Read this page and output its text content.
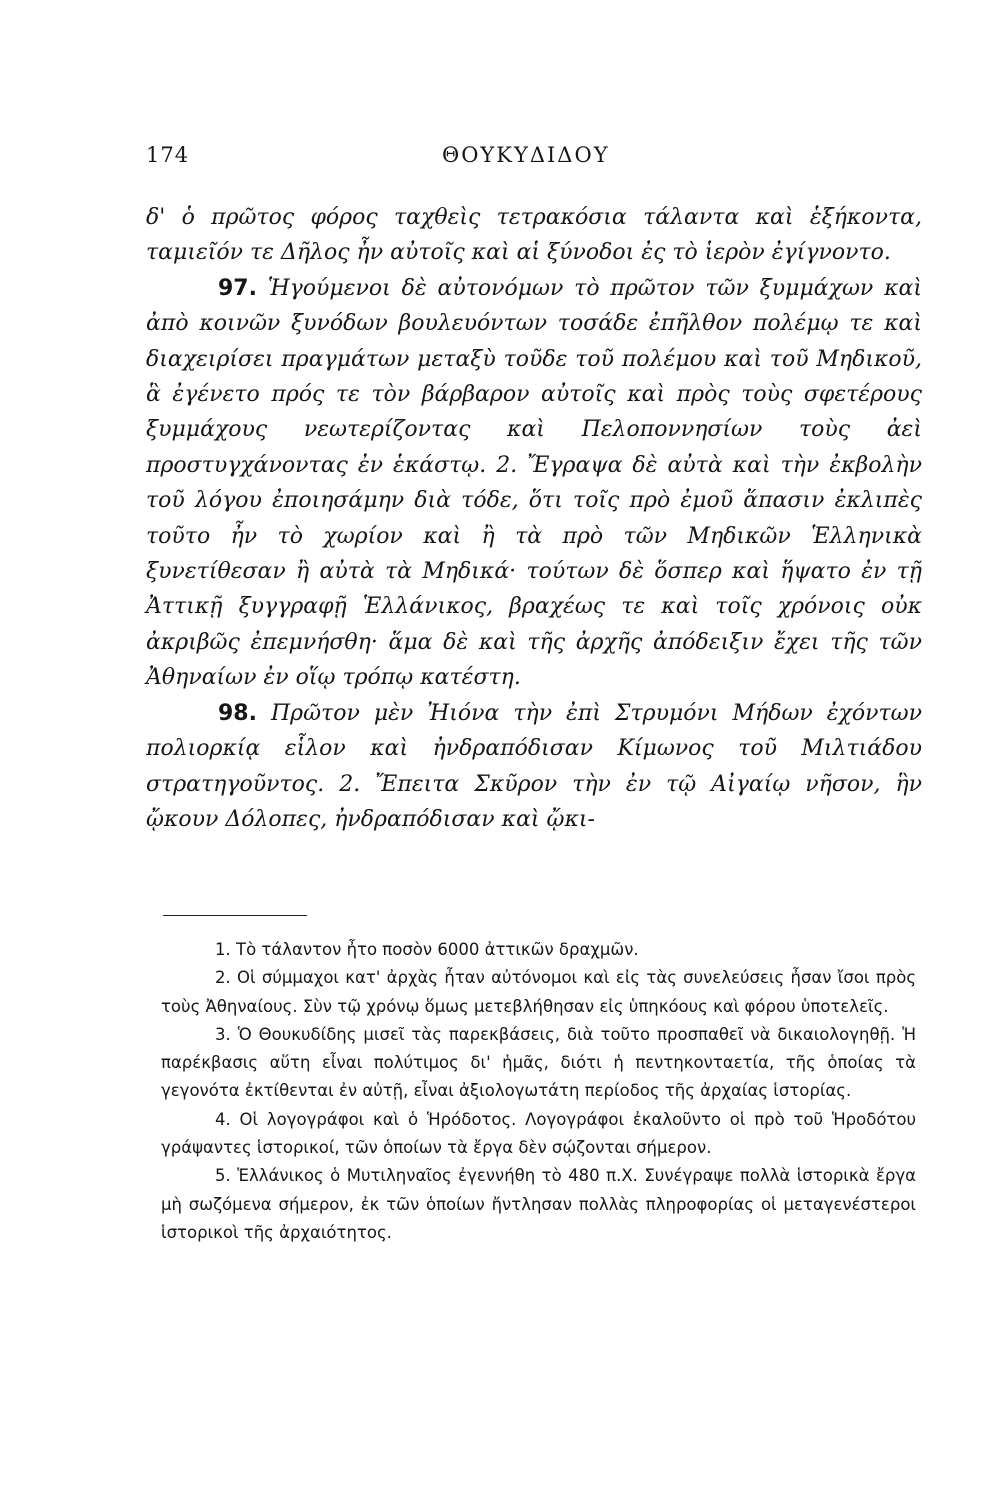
174	ΘΟΥΚΥΔΙΔΟΥ

δ' ὁ πρῶτος φόρος ταχθεὶς τετρακόσια τάλαντα καὶ ἑξήκοντα, ταμιεῖόν τε Δῆλος ἦν αὐτοῖς καὶ αἱ ξύνοδοι ἐς τὸ ἱερὸν ἐγίγνοντο.

97. Ἡγούμενοι δὲ αὐτονόμων τὸ πρῶτον τῶν ξυμμάχων καὶ ἀπὸ κοινῶν ξυνόδων βουλευόντων τοσάδε ἐπῆλθον πολέμῳ τε καὶ διαχειρίσει πραγμάτων μεταξὺ τοῦδε τοῦ πολέμου καὶ τοῦ Μηδικοῦ, ἃ ἐγένετο πρός τε τὸν βάρβαρον αὐτοῖς καὶ πρὸς τοὺς σφετέρους ξυμμάχους νεωτερίζοντας καὶ Πελοποννησίων τοὺς ἀεὶ προστυγχάνοντας ἐν ἑκάστῳ. 2. Ἔγραψα δὲ αὐτὰ καὶ τὴν ἐκβολὴν τοῦ λόγου ἐποιησάμην διὰ τόδε, ὅτι τοῖς πρὸ ἐμοῦ ἅπασιν ἐκλιπὲς τοῦτο ἦν τὸ χωρίον καὶ ἢ τὰ πρὸ τῶν Μηδικῶν Ἑλληνικὰ ξυνετίθεσαν ἢ αὐτὰ τὰ Μηδικά· τούτων δὲ ὅσπερ καὶ ἥψατο ἐν τῇ Ἀττικῇ ξυγγραφῇ Ἑλλάνικος, βραχέως τε καὶ τοῖς χρόνοις οὐκ ἀκριβῶς ἐπεμνήσθη· ἅμα δὲ καὶ τῆς ἀρχῆς ἀπόδειξιν ἔχει τῆς τῶν Ἀθηναίων ἐν οἵῳ τρόπῳ κατέστη.

98. Πρῶτον μὲν Ἠιόνα τὴν ἐπὶ Στρυμόνι Μήδων ἐχόντων πολιορκίᾳ εἷλον καὶ ἠνδραπόδισαν Κίμωνος τοῦ Μιλτιάδου στρατηγοῦντος. 2. Ἔπειτα Σκῦρον τὴν ἐν τῷ Αἰγαίῳ νῆσον, ἣν ᾤκουν Δόλοπες, ἠνδραπόδισαν καὶ ᾤκι-

1. Τὸ τάλαντον ἦτο ποσὸν 6000 ἀττικῶν δραχμῶν.

2. Οἱ σύμμαχοι κατ' ἀρχὰς ἦταν αὐτόνομοι καὶ εἰς τὰς συνελεύσεις ἦσαν ἴσοι πρὸς τοὺς Ἀθηναίους. Σὺν τῷ χρόνῳ ὅμως μετεβλήθησαν εἰς ὑπηκόους καὶ φόρου ὑποτελεῖς.

3. Ὁ Θουκυδίδης μισεῖ τὰς παρεκβάσεις, διὰ τοῦτο προσπαθεῖ νὰ δικαιολογηθῇ. Ἡ παρέκβασις αὕτη εἶναι πολύτιμος δι' ἡμᾶς, διότι ἡ πεντηκονταετία, τῆς ὁποίας τὰ γεγονότα ἐκτίθενται ἐν αὐτῇ, εἶναι ἀξιολογωτάτη περίοδος τῆς ἀρχαίας ἱστορίας.

4. Οἱ λογογράφοι καὶ ὁ Ἡρόδοτος. Λογογράφοι ἐκαλοῦντο οἱ πρὸ τοῦ Ἡροδότου γράψαντες ἱστορικοί, τῶν ὁποίων τὰ ἔργα δὲν σῴζονται σήμερον.

5. Ἑλλάνικος ὁ Μυτιληναῖος ἐγεννήθη τὸ 480 π.Χ. Συνέγραψε πολλὰ ἱστορικὰ ἔργα μὴ σωζόμενα σήμερον, ἐκ τῶν ὁποίων ἤντλησαν πολλὰς πληροφορίας οἱ μεταγενέστεροι ἱστορικοὶ τῆς ἀρχαιότητος.
